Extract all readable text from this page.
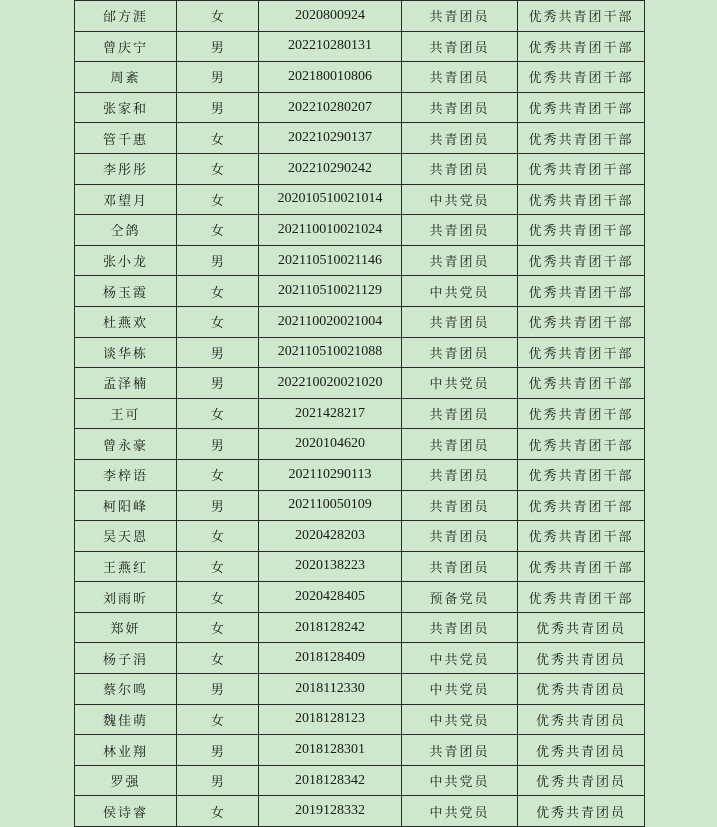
邰方涯	女	2020800924	共青团员	优秀共青团干部
曾庆宁	男	202210280131	共青团员	优秀共青团干部
周紊	男	202180010806	共青团员	优秀共青团干部
张家和	男	202210280207	共青团员	优秀共青团干部
管千惠	女	202210290137	共青团员	优秀共青团干部
李彤彤	女	202210290242	共青团员	优秀共青团干部
邓望月	女	202010510021014	中共党员	优秀共青团干部
仝鸽	女	202110010021024	共青团员	优秀共青团干部
张小龙	男	202110510021146	共青团员	优秀共青团干部
杨玉霞	女	202110510021129	中共党员	优秀共青团干部
杜燕欢	女	202110020021004	共青团员	优秀共青团干部
谈华栋	男	202110510021088	共青团员	优秀共青团干部
孟泽楠	男	202210020021020	中共党员	优秀共青团干部
王可	女	2021428217	共青团员	优秀共青团干部
曾永豪	男	2020104620	共青团员	优秀共青团干部
李梓语	女	202110290113	共青团员	优秀共青团干部
柯阳峰	男	202110050109	共青团员	优秀共青团干部
吴天恩	女	2020428203	共青团员	优秀共青团干部
王燕红	女	2020138223	共青团员	优秀共青团干部
刘雨昕	女	2020428405	预备党员	优秀共青团干部
郑妍	女	2018128242	共青团员	优秀共青团员
杨子涓	女	2018128409	中共党员	优秀共青团员
蔡尔鸣	男	2018112330	中共党员	优秀共青团员
魏佳萌	女	2018128123	中共党员	优秀共青团员
林业翔	男	2018128301	共青团员	优秀共青团员
罗强	男	2018128342	中共党员	优秀共青团员
侯诗睿	女	2019128332	中共党员	优秀共青团员
